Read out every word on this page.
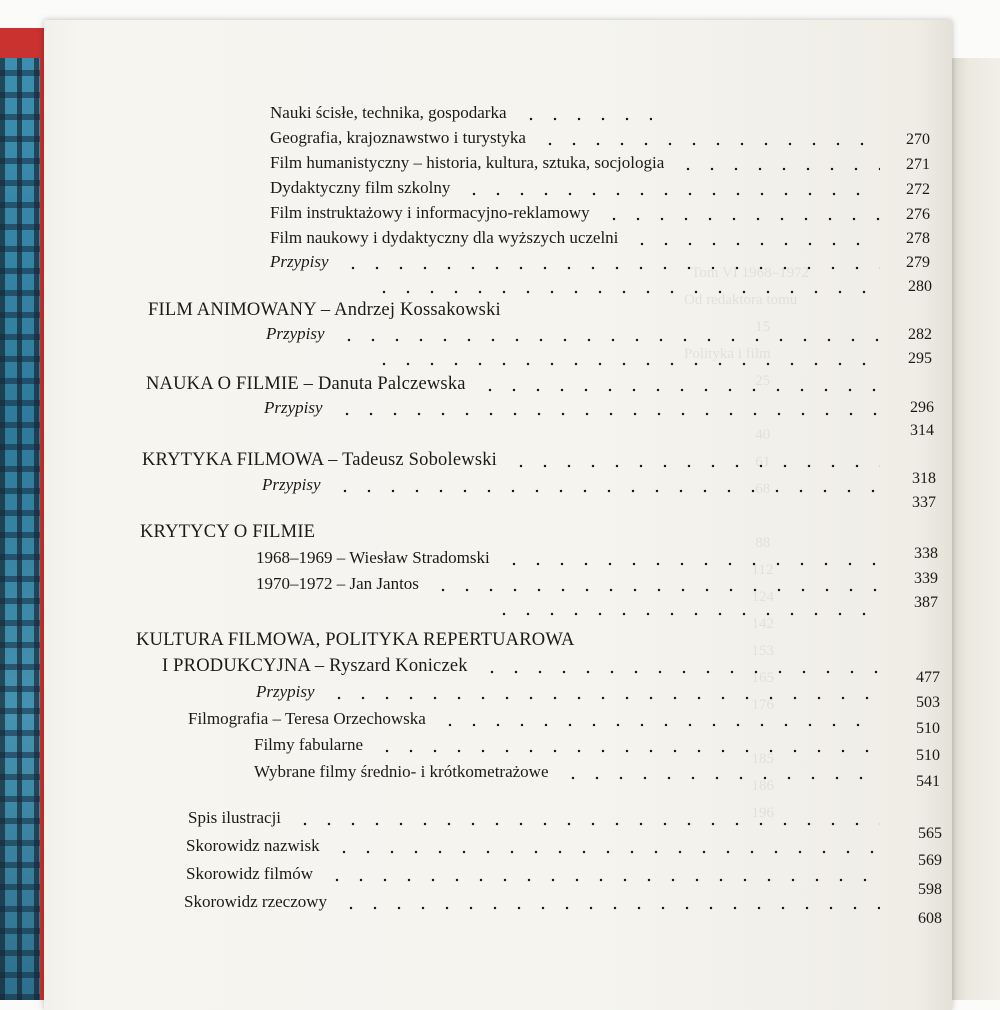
Tom VI 1968–1972
Od redaktora tomu
15
Polityka i film
25

40
61

88
112
124
142
153
165
176

185
186
196
Nauki ścisłe, technika, gospodarka
Geografia, krajoznawstwo i turystyka
Film humanistyczny – historia, kultura, sztuka, socjologia
Dydaktyczny film szkolny
Film instruktażowy i informacyjno-reklamowy
Film naukowy i dydaktyczny dla wyższych uczelni
Przypisy
FILM ANIMOWANY – Andrzej Kossakowski
Przypisy
NAUKA O FILMIE – Danuta Palczewska
Przypisy
KRYTYKA FILMOWA – Tadeusz Sobolewski
Przypisy
KRYTYCY O FILMIE
1968–1969 – Wiesław Stradomski
1970–1972 – Jan Jantos
KULTURA FILMOWA, POLITYKA REPERTUAROWA
I PRODUKCYJNA – Ryszard Koniczek
Przypisy
Filmografia – Teresa Orzechowska
Filmy fabularne
Wybrane filmy średnio- i krótkometrażowe
Spis ilustracji
Skorowidz nazwisk
Skorowidz filmów
Skorowidz rzeczowy
270
271
272
276
278
279
280
282
295
296
314
318
337
338
339
387
477
503
510
510
541
565
569
598
608
